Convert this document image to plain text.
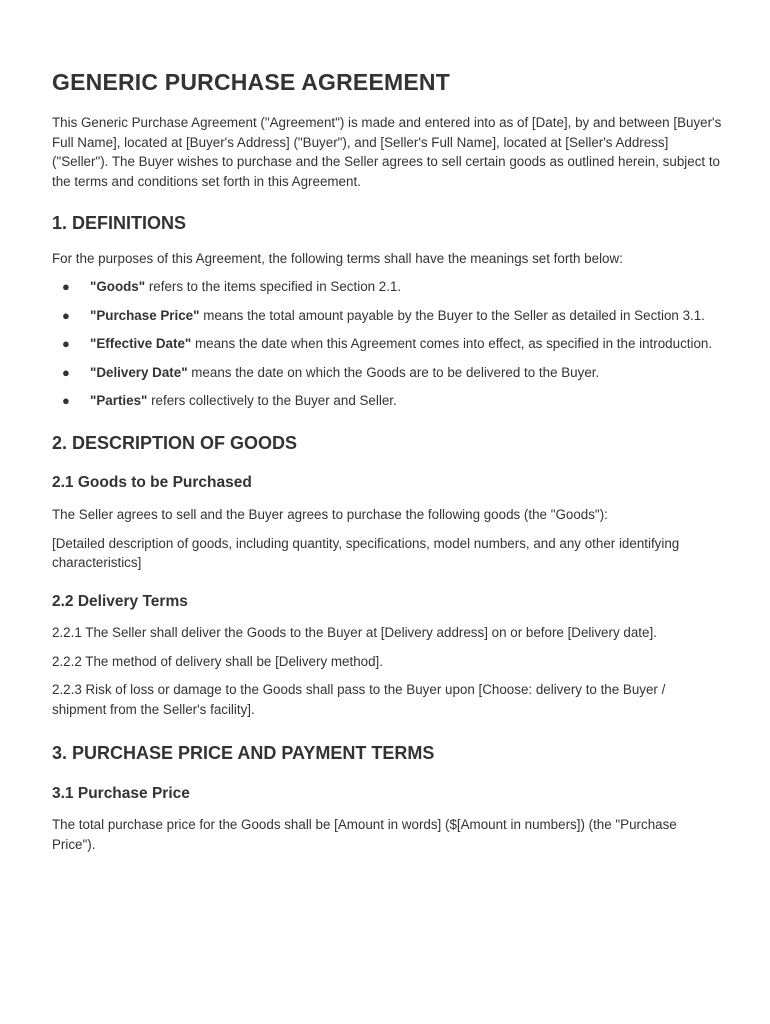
GENERIC PURCHASE AGREEMENT

This Generic Purchase Agreement ("Agreement") is made and entered into as of [Date], by and between [Buyer's Full Name], located at [Buyer's Address] ("Buyer"), and [Seller's Full Name], located at [Seller's Address] ("Seller"). The Buyer wishes to purchase and the Seller agrees to sell certain goods as outlined herein, subject to the terms and conditions set forth in this Agreement.

1. DEFINITIONS

For the purposes of this Agreement, the following terms shall have the meanings set forth below:

● "Goods" refers to the items specified in Section 2.1.
● "Purchase Price" means the total amount payable by the Buyer to the Seller as detailed in Section 3.1.
● "Effective Date" means the date when this Agreement comes into effect, as specified in the introduction.
● "Delivery Date" means the date on which the Goods are to be delivered to the Buyer.
● "Parties" refers collectively to the Buyer and Seller.
2. DESCRIPTION OF GOODS
2.1 Goods to be Purchased

The Seller agrees to sell and the Buyer agrees to purchase the following goods (the "Goods"):

[Detailed description of goods, including quantity, specifications, model numbers, and any other identifying characteristics]

2.2 Delivery Terms

2.2.1 The Seller shall deliver the Goods to the Buyer at [Delivery address] on or before [Delivery date].

2.2.2 The method of delivery shall be [Delivery method].

2.2.3 Risk of loss or damage to the Goods shall pass to the Buyer upon [Choose: delivery to the Buyer / shipment from the Seller's facility].

3. PURCHASE PRICE AND PAYMENT TERMS
3.1 Purchase Price

The total purchase price for the Goods shall be [Amount in words] ($[Amount in numbers]) (the "Purchase Price").
